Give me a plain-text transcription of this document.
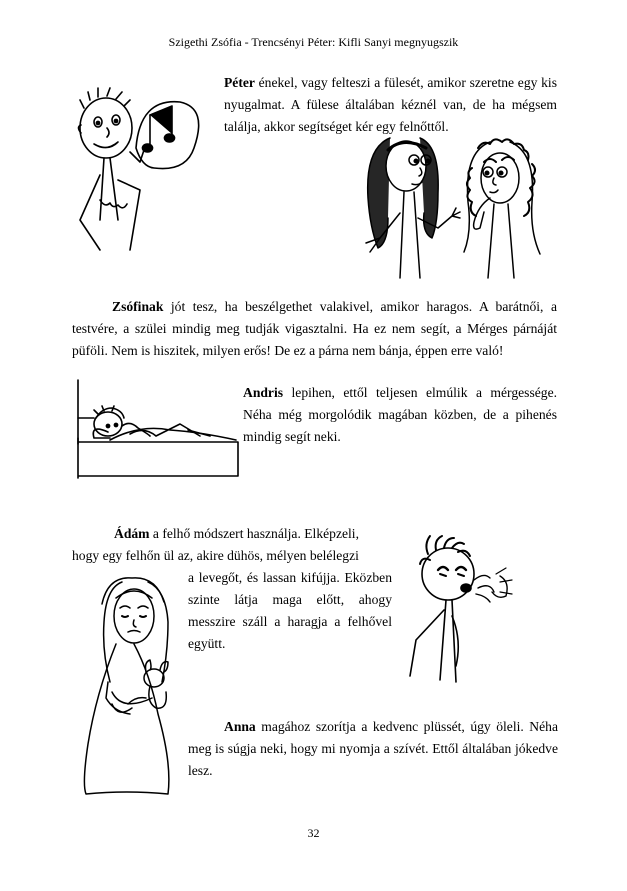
Szigethi Zsófia - Trencsényi Péter: Kifli Sanyi megnyugszik

Péter énekel, vagy felteszi a fülesét, amikor szeretne egy kis nyugalmat. A fülese általában kéznél van, de ha mégsem találja, akkor segítséget kér egy felnőttől.

Zsófinak jót tesz, ha beszélgethet valakivel, amikor haragos. A barátnői, a testvére, a szülei mindig meg tudják vigasztalni. Ha ez nem segít, a Mérges párnáját püföli. Nem is hiszitek, milyen erős! De ez a párna nem bánja, éppen erre való!

Andris lepihen, ettől teljesen elmúlik a mérgessége. Néha még morgolódik magában közben, de a pihenés mindig segít neki.

Ádám a felhő módszert használja. Elképzeli,

hogy egy felhőn ül az, akire dühös, mélyen belélegzi

a levegőt, és lassan kifújja. Eközben szinte látja maga előtt, ahogy messzire száll a haragja a felhővel együtt.

Anna magához szorítja a kedvenc plüssét, úgy öleli. Néha meg is súgja neki, hogy mi nyomja a szívét. Ettől általában jókedve lesz.

32
